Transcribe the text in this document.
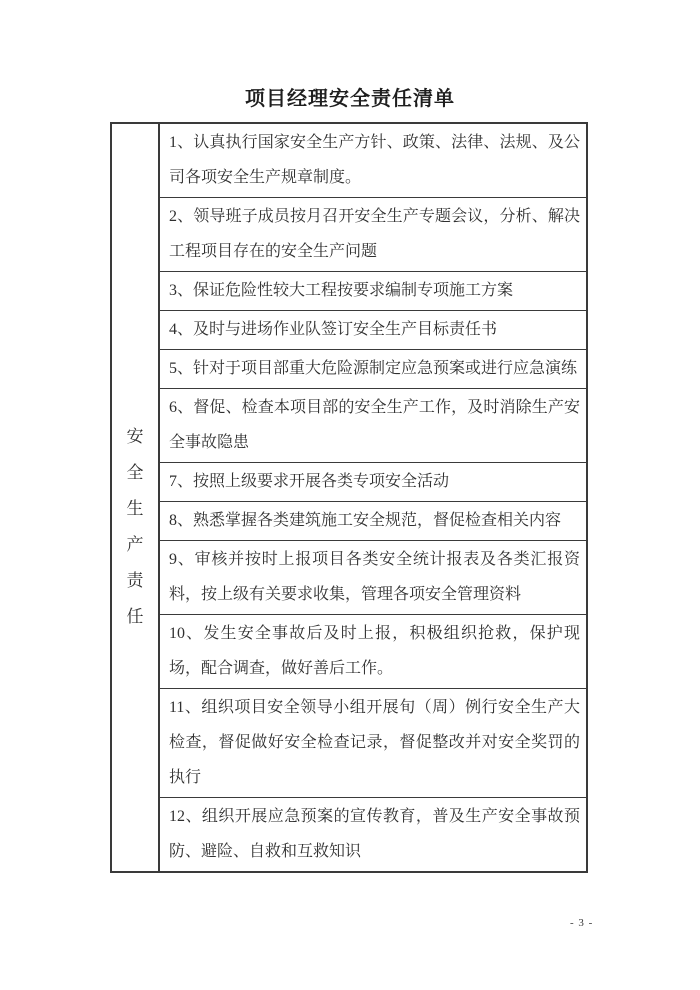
项目经理安全责任清单
安
全
生
产
责
任

1、认真执行国家安全生产方针、政策、法律、法规、及公司各项安全生产规章制度。

2、领导班子成员按月召开安全生产专题会议，分析、解决工程项目存在的安全生产问题

3、保证危险性较大工程按要求编制专项施工方案

4、及时与进场作业队签订安全生产目标责任书

5、针对于项目部重大危险源制定应急预案或进行应急演练

6、督促、检查本项目部的安全生产工作，及时消除生产安全事故隐患

7、按照上级要求开展各类专项安全活动

8、熟悉掌握各类建筑施工安全规范，督促检查相关内容

9、审核并按时上报项目各类安全统计报表及各类汇报资料，按上级有关要求收集，管理各项安全管理资料

10、发生安全事故后及时上报，积极组织抢救，保护现场，配合调查，做好善后工作。

11、组织项目安全领导小组开展旬（周）例行安全生产大检查，督促做好安全检查记录，督促整改并对安全奖罚的执行

12、组织开展应急预案的宣传教育，普及生产安全事故预防、避险、自救和互救知识

- 3 -
